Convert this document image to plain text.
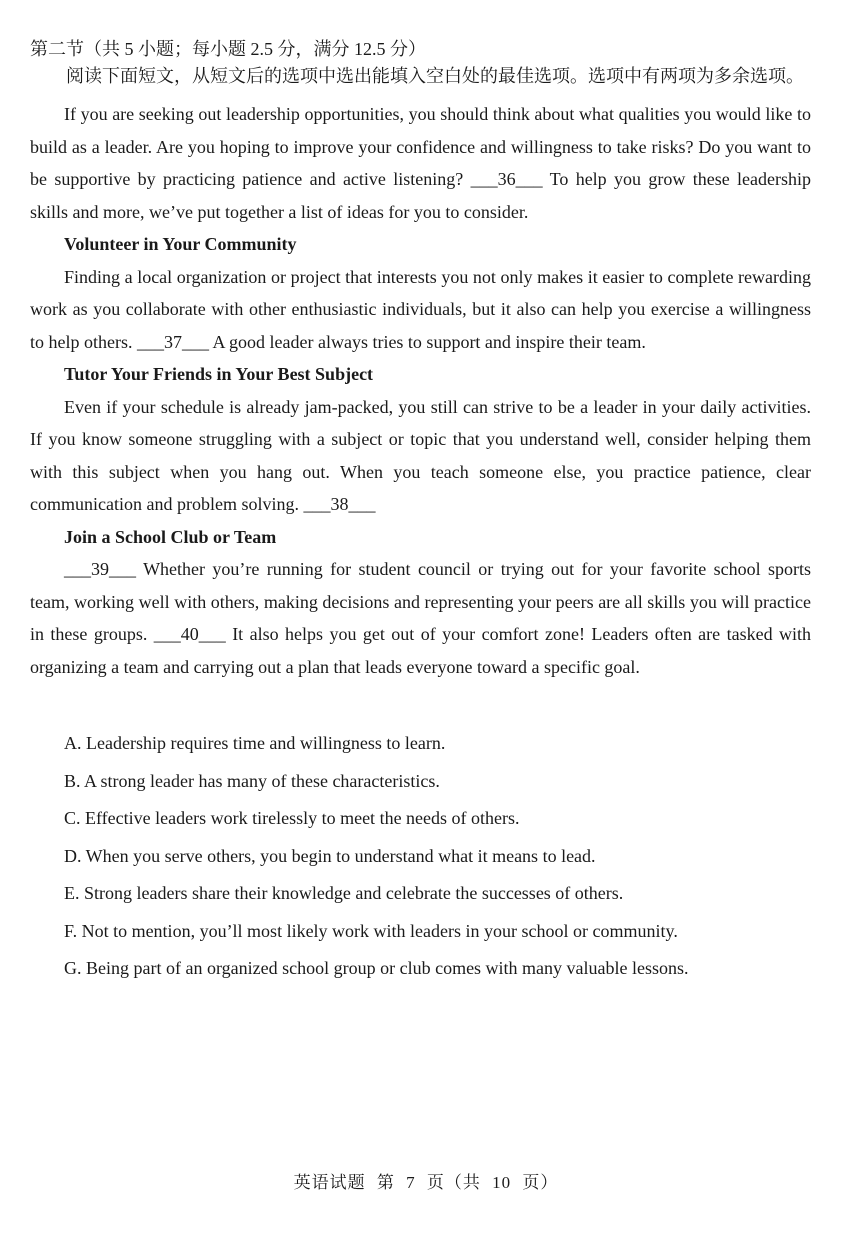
第二节（共 5 小题；每小题 2.5 分，满分 12.5 分）

阅读下面短文，从短文后的选项中选出能填入空白处的最佳选项。选项中有两项为多余选项。

If you are seeking out leadership opportunities, you should think about what qualities you would like to build as a leader. Are you hoping to improve your confidence and willingness to take risks? Do you want to be supportive by practicing patience and active listening? ___36___ To help you grow these leadership skills and more, we’ve put together a list of ideas for you to consider.

Volunteer in Your Community

Finding a local organization or project that interests you not only makes it easier to complete rewarding work as you collaborate with other enthusiastic individuals, but it also can help you exercise a willingness to help others. ___37___ A good leader always tries to support and inspire their team.

Tutor Your Friends in Your Best Subject

Even if your schedule is already jam-packed, you still can strive to be a leader in your daily activities. If you know someone struggling with a subject or topic that you understand well, consider helping them with this subject when you hang out. When you teach someone else, you practice patience, clear communication and problem solving. ___38___

Join a School Club or Team

___39___ Whether you’re running for student council or trying out for your favorite school sports team, working well with others, making decisions and representing your peers are all skills you will practice in these groups. ___40___ It also helps you get out of your comfort zone! Leaders often are tasked with organizing a team and carrying out a plan that leads everyone toward a specific goal.

A. Leadership requires time and willingness to learn.

B. A strong leader has many of these characteristics.

C. Effective leaders work tirelessly to meet the needs of others.

D. When you serve others, you begin to understand what it means to lead.

E. Strong leaders share their knowledge and celebrate the successes of others.

F. Not to mention, you’ll most likely work with leaders in your school or community.

G. Being part of an organized school group or club comes with many valuable lessons.

英语试题 第 7 页（共 10 页）
